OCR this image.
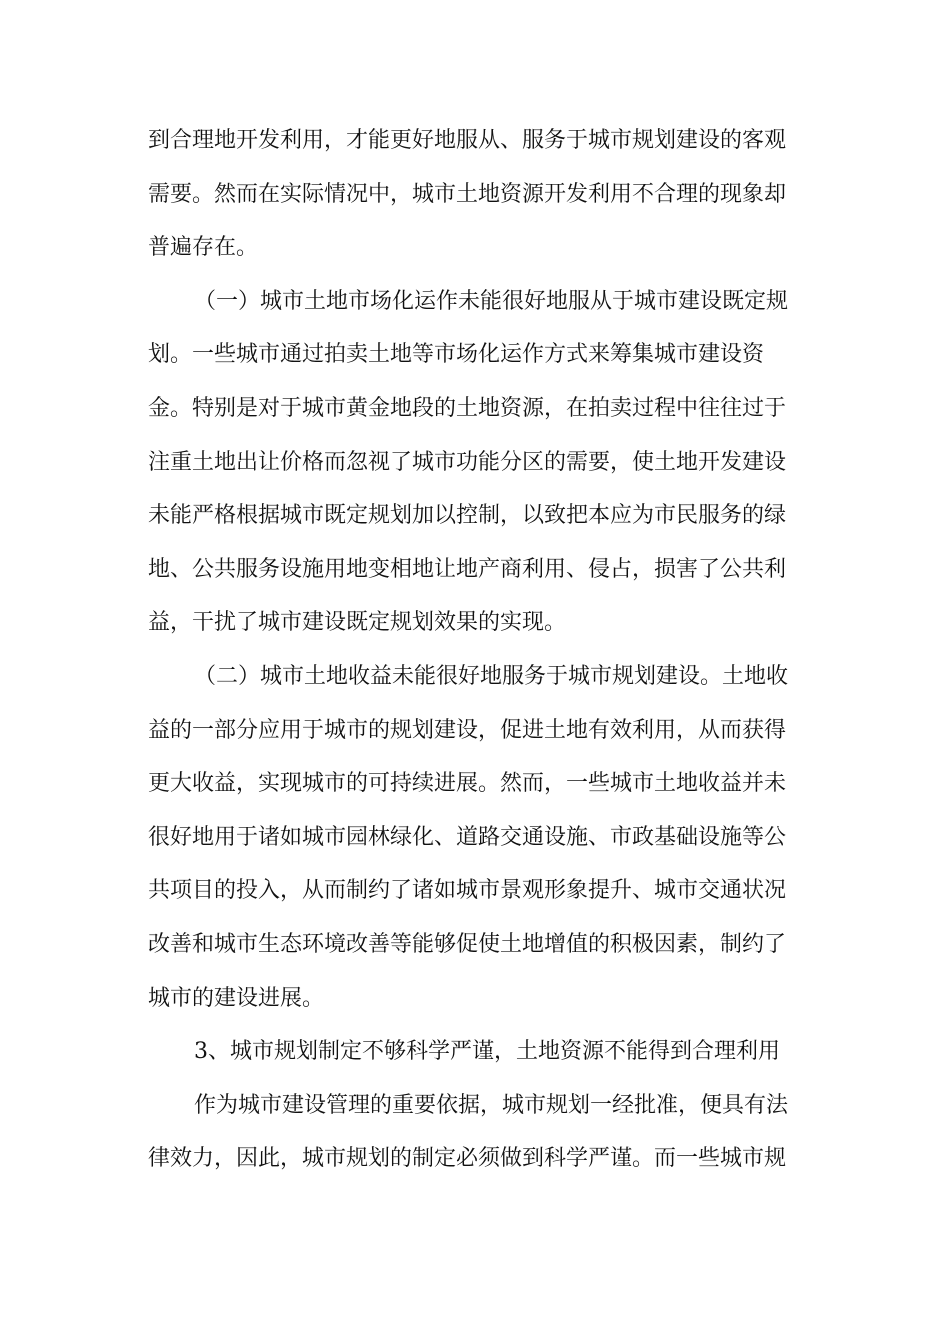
到合理地开发利用，才能更好地服从、服务于城市规划建设的客观
需要。然而在实际情况中，城市土地资源开发利用不合理的现象却
普遍存在。
（一）城市土地市场化运作未能很好地服从于城市建设既定规
划。一些城市通过拍卖土地等市场化运作方式来筹集城市建设资
金。特别是对于城市黄金地段的土地资源，在拍卖过程中往往过于
注重土地出让价格而忽视了城市功能分区的需要，使土地开发建设
未能严格根据城市既定规划加以控制，以致把本应为市民服务的绿
地、公共服务设施用地变相地让地产商利用、侵占，损害了公共利
益，干扰了城市建设既定规划效果的实现。
（二）城市土地收益未能很好地服务于城市规划建设。土地收
益的一部分应用于城市的规划建设，促进土地有效利用，从而获得
更大收益，实现城市的可持续进展。然而，一些城市土地收益并未
很好地用于诸如城市园林绿化、道路交通设施、市政基础设施等公
共项目的投入，从而制约了诸如城市景观形象提升、城市交通状况
改善和城市生态环境改善等能够促使土地增值的积极因素，制约了
城市的建设进展。
3、城市规划制定不够科学严谨，土地资源不能得到合理利用
作为城市建设管理的重要依据，城市规划一经批准，便具有法
律效力，因此，城市规划的制定必须做到科学严谨。而一些城市规
